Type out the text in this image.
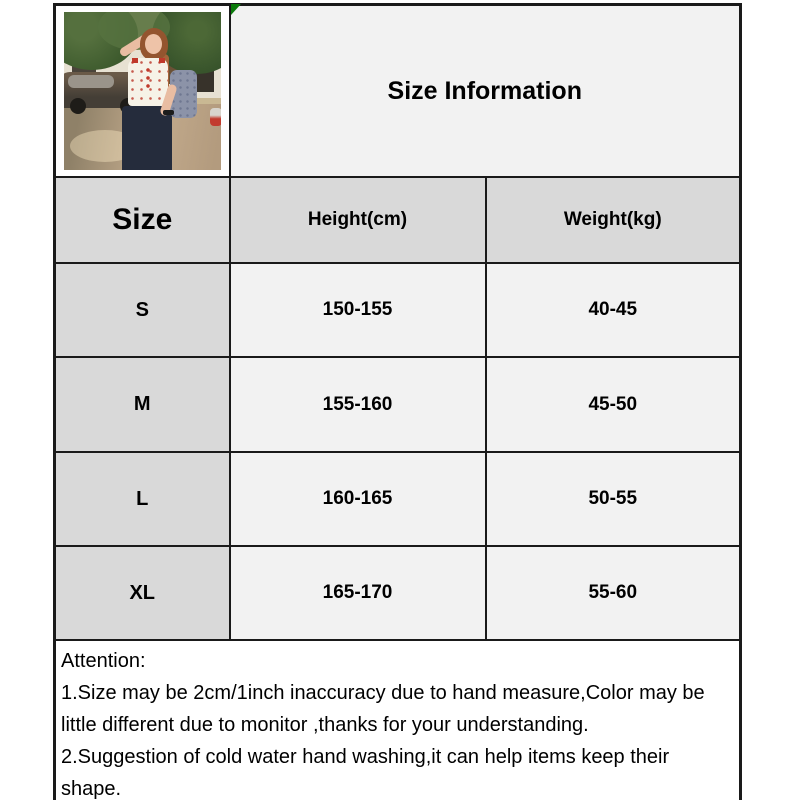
	Size Information	
Size	Height(cm)	Weight(kg)
S	150-155	40-45
M	155-160	45-50
L	160-165	50-55
XL	165-170	55-60

Attention:
1.Size may be 2cm/1inch inaccuracy due to hand measure,Color may be little different due to monitor ,thanks for your understanding.
2.Suggestion of cold water hand washing,it can help items keep their shape.		
